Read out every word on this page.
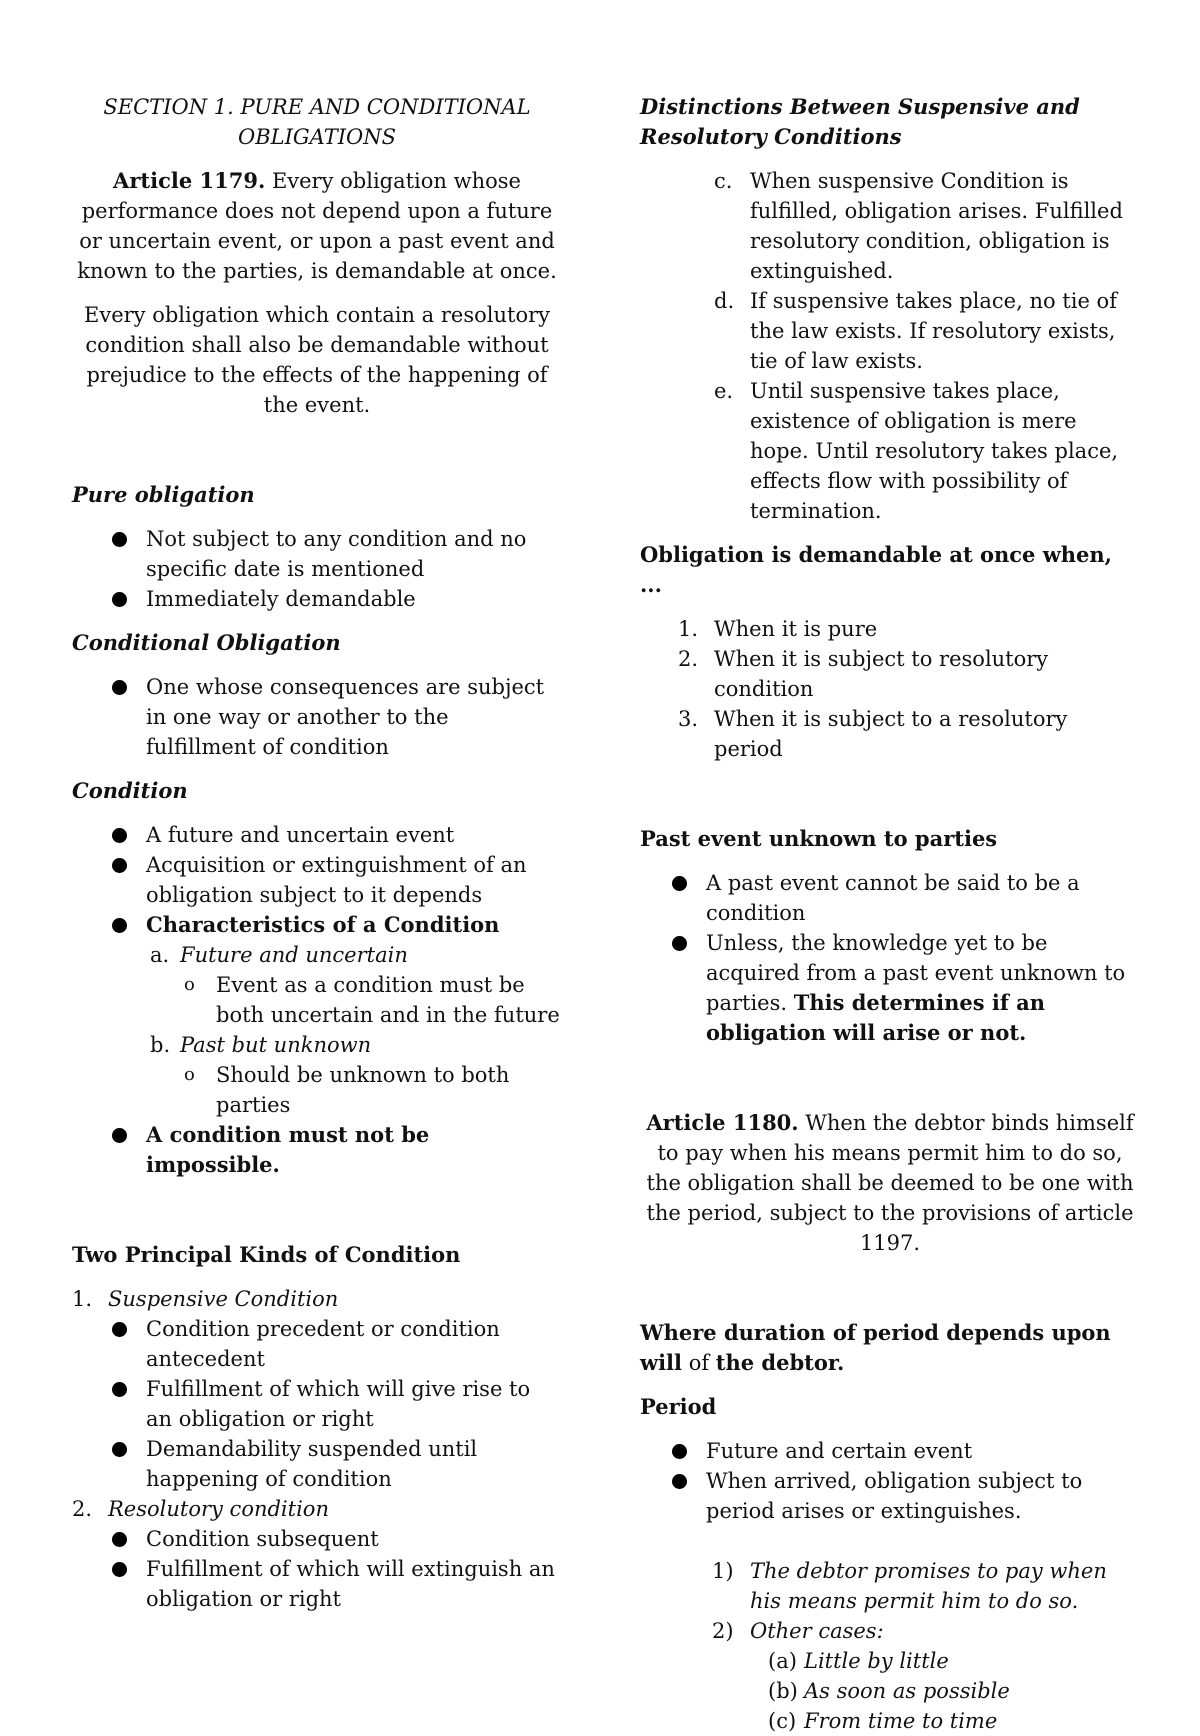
SECTION 1. PURE AND CONDITIONAL
OBLIGATIONS

Article 1179. Every obligation whose performance does not depend upon a future or uncertain event, or upon a past event and known to the parties, is demandable at once.

Every obligation which contain a resolutory condition shall also be demandable without prejudice to the effects of the happening of the event.

Pure obligation

Not subject to any condition and no specific date is mentioned
Immediately demandable

Conditional Obligation

One whose consequences are subject in one way or another to the fulfillment of condition

Condition

A future and uncertain event
Acquisition or extinguishment of an obligation subject to it depends
Characteristics of a Condition
a. Future and uncertain
o Event as a condition must be both uncertain and in the future
b. Past but unknown
o Should be unknown to both parties
A condition must not be impossible.

Two Principal Kinds of Condition

1. Suspensive Condition
Condition precedent or condition antecedent
Fulfillment of which will give rise to an obligation or right
Demandability suspended until happening of condition
2. Resolutory condition
Condition subsequent
Fulfillment of which will extinguish an obligation or right

Distinctions Between Suspensive and Resolutory Conditions

c. When suspensive Condition is fulfilled, obligation arises. Fulfilled resolutory condition, obligation is extinguished.
d. If suspensive takes place, no tie of the law exists. If resolutory exists, tie of law exists.
e. Until suspensive takes place, existence of obligation is mere hope. Until resolutory takes place, effects flow with possibility of termination.

Obligation is demandable at once when, ...

1. When it is pure
2. When it is subject to resolutory condition
3. When it is subject to a resolutory period

Past event unknown to parties

A past event cannot be said to be a condition
Unless, the knowledge yet to be acquired from a past event unknown to parties. This determines if an obligation will arise or not.

Article 1180. When the debtor binds himself to pay when his means permit him to do so, the obligation shall be deemed to be one with the period, subject to the provisions of article 1197.

Where duration of period depends upon will of the debtor.

Period

Future and certain event
When arrived, obligation subject to period arises or extinguishes.
1) The debtor promises to pay when his means permit him to do so.
2) Other cases:
(a) Little by little
(b) As soon as possible
(c) From time to time
